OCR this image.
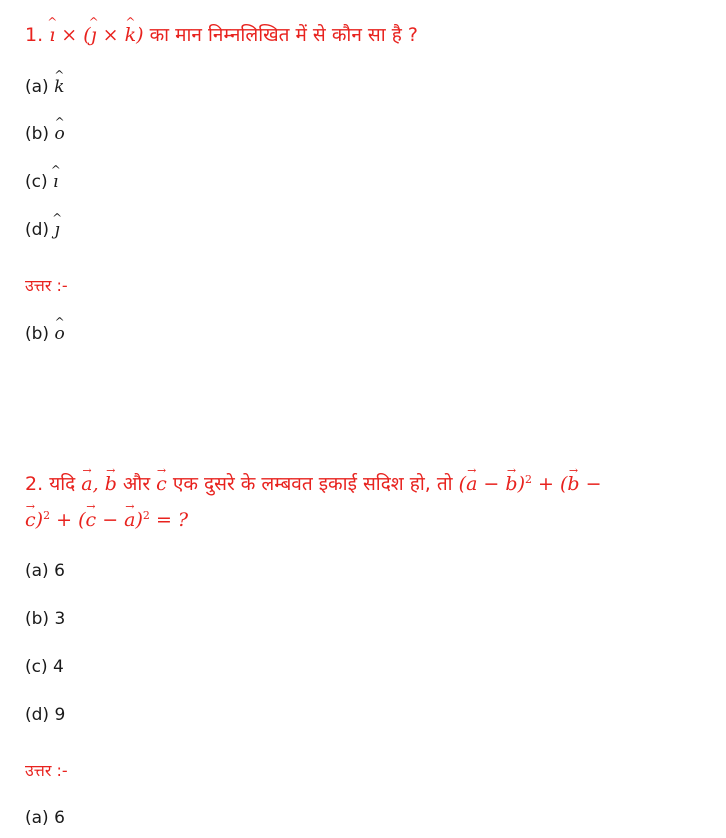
1. ^ ı × (^ ȷ × ^ k) का मान निम्नलिखित में से कौन सा है ?
(a) ^ k
(b) ^ o
(c) ^ ı
(d) ^ ȷ
उत्तर :-
(b) ^ o
2. यदि → a, → b और → c एक दुसरे के लम्बवत इकाई सदिश हो, तो (→ a − → b)$^2$ + (→ b −
→ c)$^2$ + (→ c − → a)$^2$ = ?
(a) 6
(b) 3
(c) 4
(d) 9
उत्तर :-
(a) 6
